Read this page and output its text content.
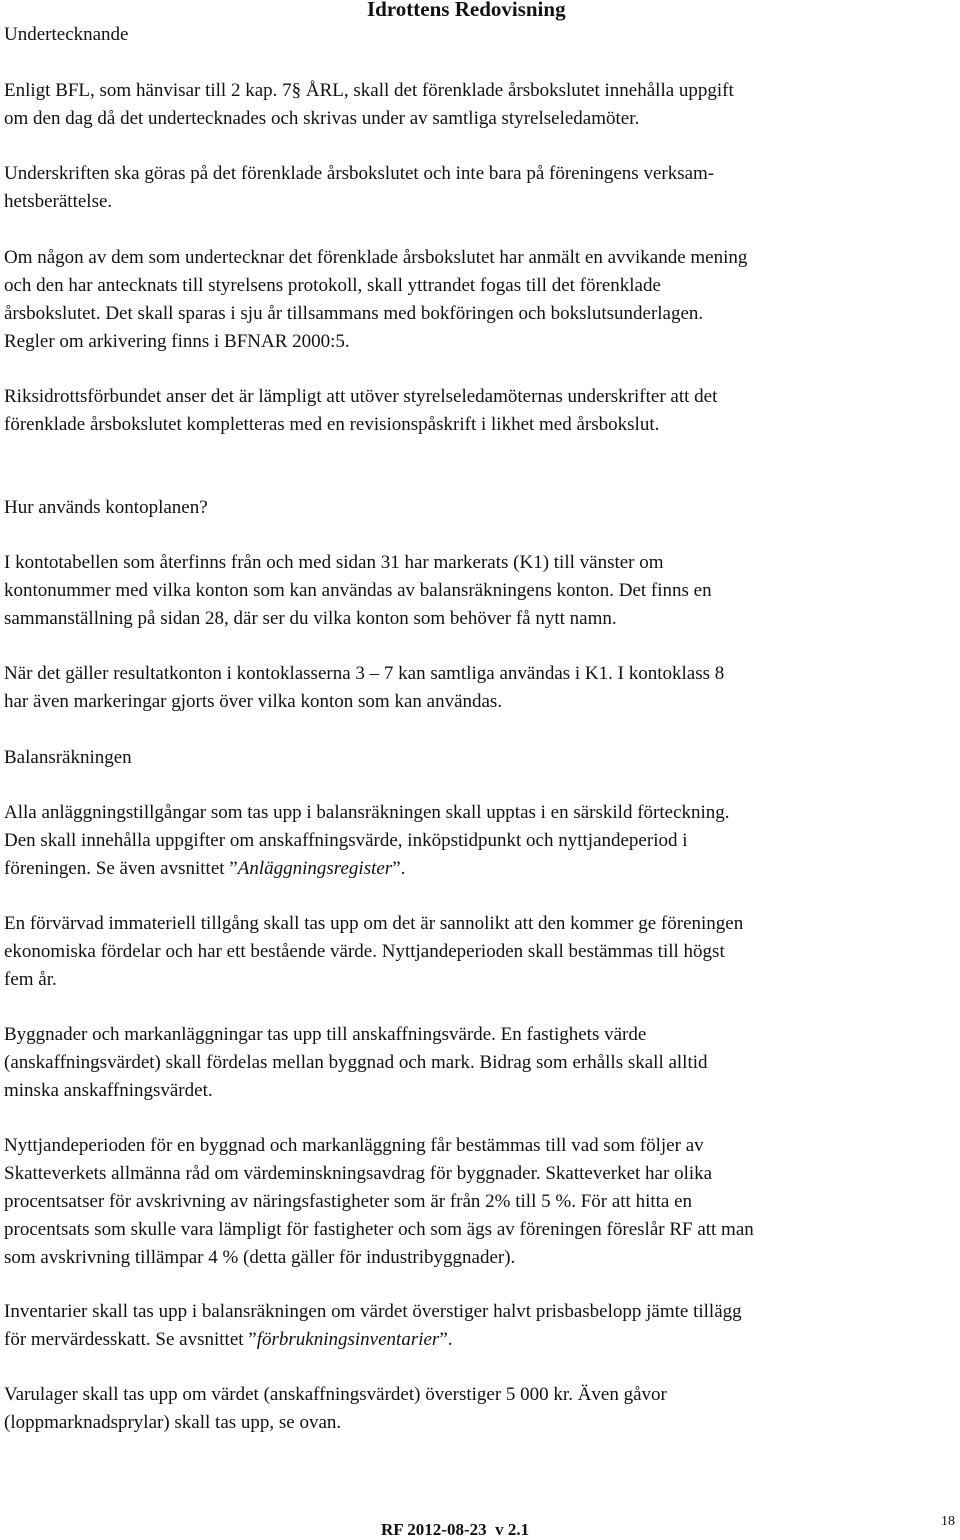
Undertecknande
Idrottens Redovisning
Enligt BFL, som hänvisar till 2 kap. 7§ ÅRL, skall det förenklade årsbokslutet innehålla uppgift
om den dag då det undertecknades och skrivas under av samtliga styrelseledamöter.
Underskriften ska göras på det förenklade årsbokslutet och inte bara på föreningens verksam-
hetsberättelse.
Om någon av dem som undertecknar det förenklade årsbokslutet har anmält en avvikande mening
och den har antecknats till styrelsens protokoll, skall yttrandet fogas till det förenklade
årsbokslutet. Det skall sparas i sju år tillsammans med bokföringen och bokslutsunderlagen.
Regler om arkivering finns i BFNAR 2000:5.
Riksidrottsförbundet anser det är lämpligt att utöver styrelseledamöternas underskrifter att det
förenklade årsbokslutet kompletteras med en revisionspåskrift i likhet med årsbokslut.
Hur används kontoplanen?
I kontotabellen som återfinns från och med sidan 31 har markerats (K1) till vänster om
kontonummer med vilka konton som kan användas av balansräkningens konton. Det finns en
sammanställning på sidan 28, där ser du vilka konton som behöver få nytt namn.
När det gäller resultatkonton i kontoklasserna 3 – 7 kan samtliga användas i K1. I kontoklass 8
har även markeringar gjorts över vilka konton som kan användas.
Balansräkningen
Alla anläggningstillgångar som tas upp i balansräkningen skall upptas i en särskild förteckning.
Den skall innehålla uppgifter om anskaffningsvärde, inköpstidpunkt och nyttjandeperiod i
föreningen. Se även avsnittet ”Anläggningsregister”.
En förvärvad immateriell tillgång skall tas upp om det är sannolikt att den kommer ge föreningen
ekonomiska fördelar och har ett bestående värde. Nyttjandeperioden skall bestämmas till högst
fem år.
Byggnader och markanläggningar tas upp till anskaffningsvärde. En fastighets värde
(anskaffningsvärdet) skall fördelas mellan byggnad och mark. Bidrag som erhålls skall alltid
minska anskaffningsvärdet.
Nyttjandeperioden för en byggnad och markanläggning får bestämmas till vad som följer av
Skatteverkets allmänna råd om värdeminskningsavdrag för byggnader. Skatteverket har olika
procentsatser för avskrivning av näringsfastigheter som är från 2% till 5 %. För att hitta en
procentsats som skulle vara lämpligt för fastigheter och som ägs av föreningen föreslår RF att man
som avskrivning tillämpar 4 % (detta gäller för industribyggnader).
Inventarier skall tas upp i balansräkningen om värdet överstiger halvt prisbasbelopp jämte tillägg
för mervärdesskatt. Se avsnittet ”förbrukningsinventarier”.
Varulager skall tas upp om värdet (anskaffningsvärdet) överstiger 5 000 kr. Även gåvor
(loppmarknadsprylar) skall tas upp, se ovan.
RF 2012-08-23  v 2.1	18
